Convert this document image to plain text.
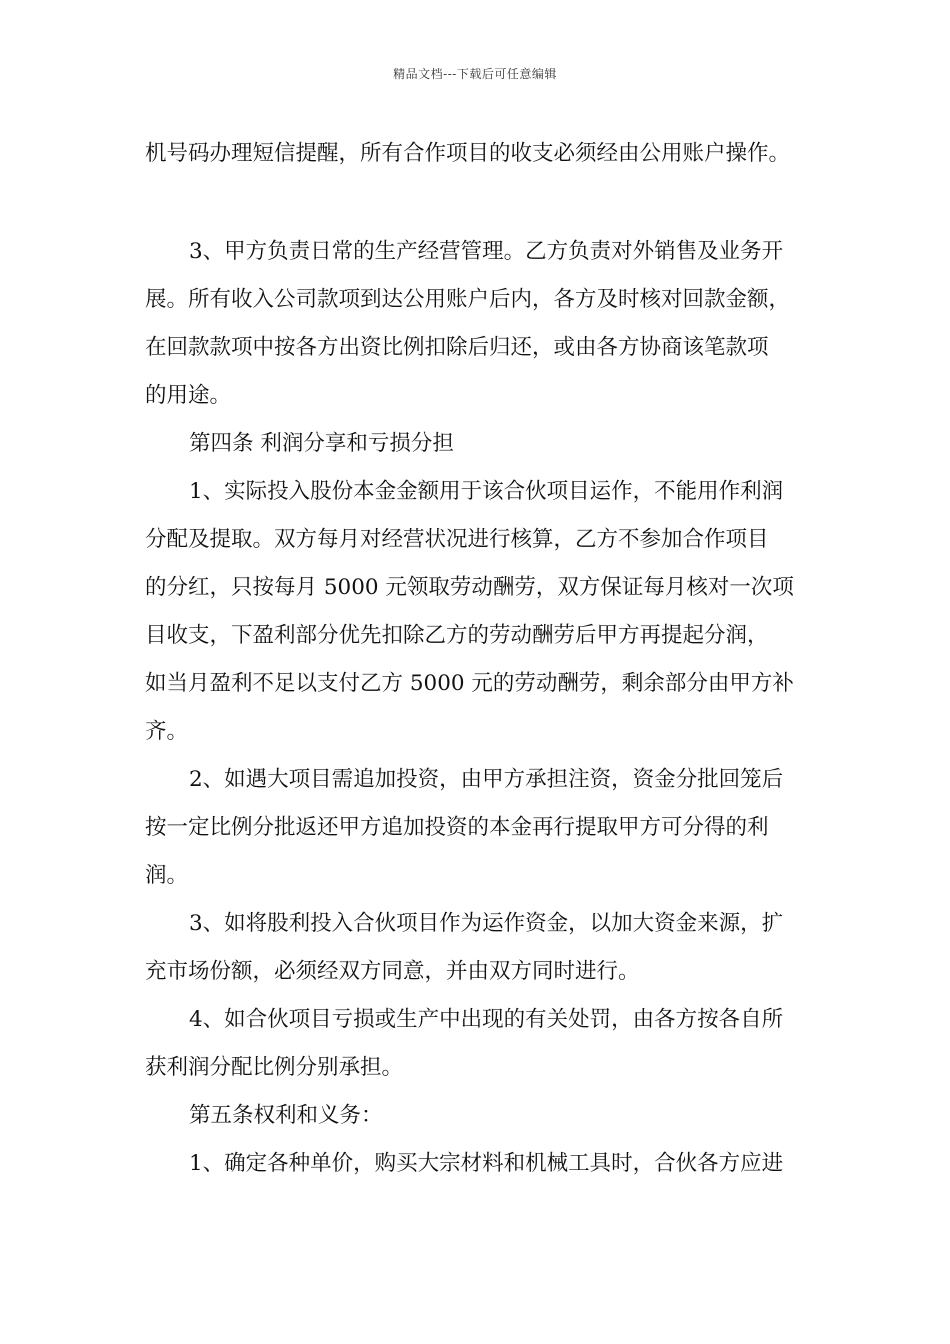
精品文档---下载后可任意编辑
机号码办理短信提醒，所有合作项目的收支必须经由公用账户操作。
3、甲方负责日常的生产经营管理。乙方负责对外销售及业务开
展。所有收入公司款项到达公用账户后内，各方及时核对回款金额，
在回款款项中按各方出资比例扣除后归还，或由各方协商该笔款项
的用途。
第四条 利润分享和亏损分担
1、实际投入股份本金金额用于该合伙项目运作，不能用作利润
分配及提取。双方每月对经营状况进行核算，乙方不参加合作项目
的分红，只按每月 5000 元领取劳动酬劳，双方保证每月核对一次项
目收支，下盈利部分优先扣除乙方的劳动酬劳后甲方再提起分润，
如当月盈利不足以支付乙方 5000 元的劳动酬劳，剩余部分由甲方补
齐。
2、如遇大项目需追加投资，由甲方承担注资，资金分批回笼后
按一定比例分批返还甲方追加投资的本金再行提取甲方可分得的利
润。
3、如将股利投入合伙项目作为运作资金，以加大资金来源，扩
充市场份额，必须经双方同意，并由双方同时进行。
4、如合伙项目亏损或生产中出现的有关处罚，由各方按各自所
获利润分配比例分别承担。
第五条权利和义务：
1、确定各种单价，购买大宗材料和机械工具时，合伙各方应进
